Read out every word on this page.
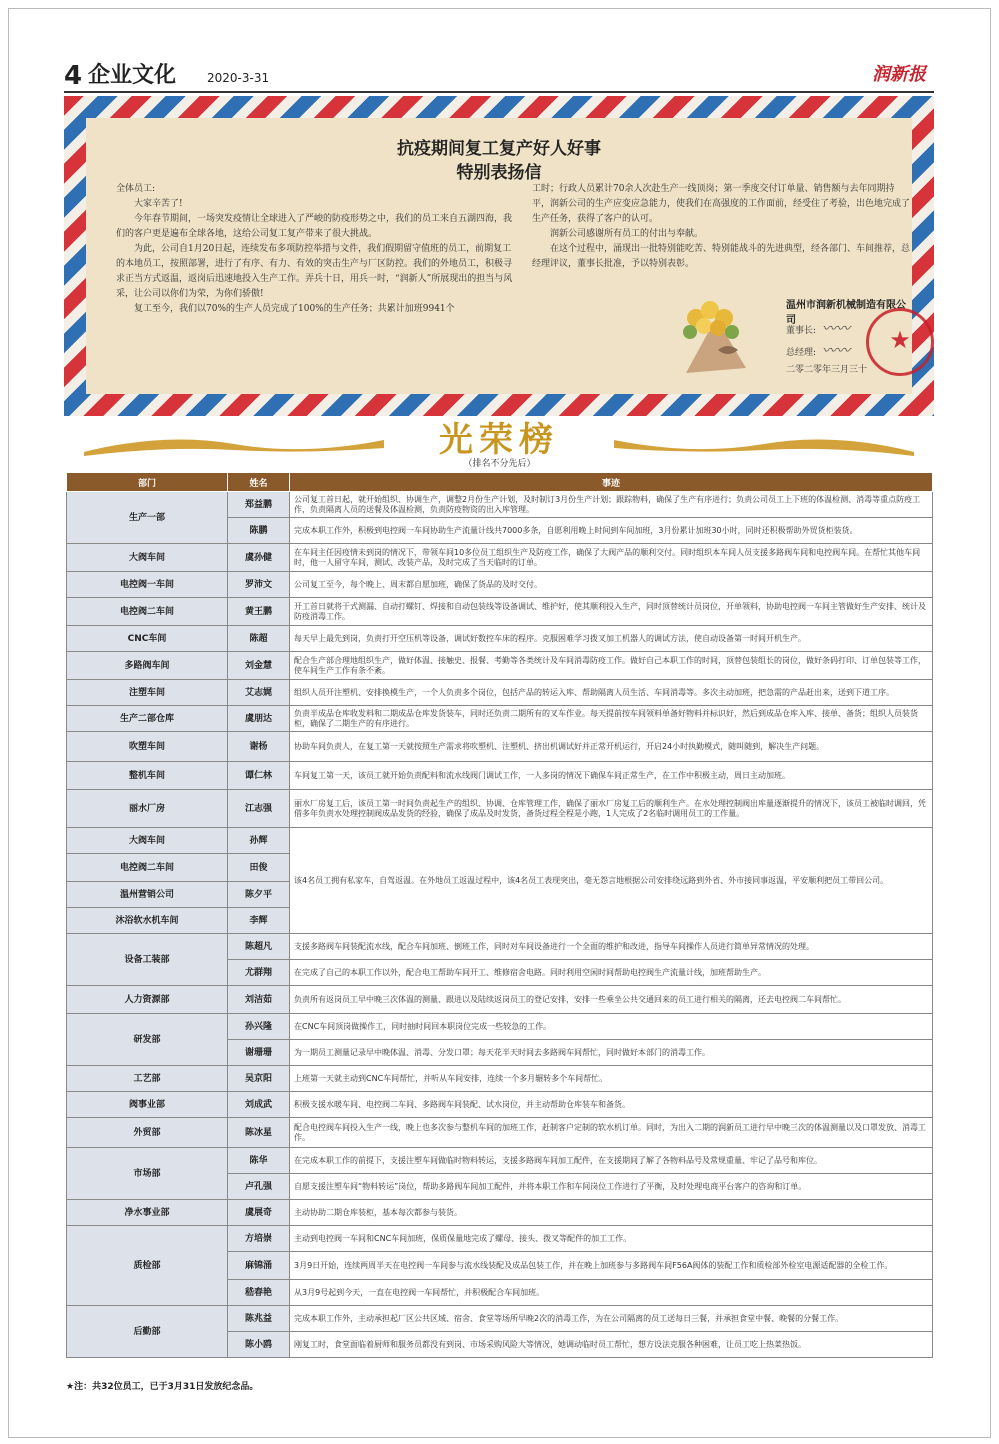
4 企业文化	2020-3-31	润新报
抗疫期间复工复产好人好事
特别表扬信

全体员工:

大家辛苦了!

今年春节期间，一场突发疫情让全球进入了严峻的防疫形势之中，我们的员工来自五湖四海，我们的客户更是遍布全球各地，这给公司复工复产带来了很大挑战。

为此，公司自1月20日起，连续发布多项防控举措与文件，我们假期留守值班的员工，前期复工的本地员工，按照部署，进行了有序、有力、有效的突击生产与厂区防控。我们的外地员工，积极寻求正当方式返温，返岗后迅速地投入生产工作。弄兵十日，用兵一时，“润新人”所展现出的担当与风采，让公司以你们为荣，为你们骄傲!

复工至今，我们以70%的生产人员完成了100%的生产任务；共累计加班9941个

工时；行政人员累计70余人次赴生产一线顶岗；第一季度交付订单量、销售额与去年同期持平，润新公司的生产应变应急能力，使我们在高强度的工作面前，经受住了考验，出色地完成了生产任务，获得了客户的认可。

润新公司感谢所有员工的付出与奉献。

在这个过程中，涌现出一批特别能吃苦、特别能战斗的先进典型，经各部门、车间推荐，总经理评议，董事长批准，予以特别表彰。

温州市润新机械制造有限公司
董事长: 〰〰
总经理: 〰〰
二零二零年三月三十
★
光荣榜
（排名不分先后）
部门	姓名	事迹
生产一部	郑益鹏	公司复工首日起，就开始组织、协调生产，调整2月份生产计划，及时制订3月份生产计划；跟踪物料，确保了生产有序进行；负责公司员工上下班的体温检测、消毒等重点防疫工作，负责隔离人员的送餐及体温检测，负责防疫物资的出入库管理。
	陈鹏	完成本职工作外，积极到电控阀一车间协助生产流量计线共7000多条，自愿利用晚上时间到车间加班，3月份累计加班30小时，同时还积极帮助外贸货柜装货。
大阀车间	虞孙健	在车间主任因疫情未到岗的情况下，带领车间10多位员工组织生产及防疫工作，确保了大阀产品的顺利交付。同时组织本车间人员支援多路阀车间和电控阀车间。在帮忙其他车间时，他一人留守车间，测试、改装产品，及时完成了当天临时的订单。
电控阀一车间	罗沛文	公司复工至今，每个晚上、周末都自愿加班，确保了货品的及时交付。
电控阀二车间	黄王鹏	开工首日就将干式测漏、自动打螺钉、焊接和自动包装线等设备调试、维护好，使其顺利投入生产，同时顶替统计员岗位，开单领料，协助电控阀一车间主管做好生产安排、统计及防疫消毒工作。
CNC车间	陈超	每天早上最先到岗，负责打开空压机等设备，调试好数控车床的程序。克服困难学习拨叉加工机器人的调试方法，使自动设备第一时间开机生产。
多路阀车间	刘金慧	配合生产部合理地组织生产，做好体温、接触史、报餐、考勤等各类统计及车间消毒防疫工作。做好自己本职工作的时间，顶替包装组长的岗位，做好条码打印、订单包装等工作，使车间生产工作有条不紊。
注塑车间	艾志娓	组织人员开注塑机、安排换模生产，一个人负责多个岗位，包括产品的转运入库、帮助隔离人员生活、车间消毒等。多次主动加班，把急需的产品赶出来，送到下道工序。
生产二部仓库	虞朋达	负责半成品仓库收发料和二期成品仓库发货装车，同时还负责二期所有的叉车作业。每天提前按车间领料单备好物料并标识好，然后到成品仓库入库、接单、备货；组织人员装货柜，确保了二期生产的有序进行。
吹塑车间	谢杨	协助车间负责人，在复工第一天就按照生产需求将吹塑机、注塑机、挤出机调试好并正常开机运行，开启24小时执勤模式，随叫随到，解决生产问题。
整机车间	谭仁林	车间复工第一天，该员工就开始负责配料和流水线阀门调试工作，一人多岗的情况下确保车间正常生产，在工作中积极主动，周日主动加班。
丽水厂房	江志强	丽水厂房复工后，该员工第一时间负责起生产的组织、协调、仓库管理工作，确保了丽水厂房复工后的顺利生产。在水处理控制阀出库量逐渐提升的情况下，该员工被临时调回，凭借多年负责水处理控制阀成品发货的经验，确保了成品及时发货，备货过程全程是小跑，1人完成了2名临时调用员工的工作量。
大阀车间	孙辉	该4名员工拥有私家车，自驾返温。在外地员工返温过程中，该4名员工表现突出，毫无怨言地根据公司安排绕远路到外省、外市接同事返温，平安顺利把员工带回公司。
电控阀二车间	田俊	
温州营销公司	陈夕平	
沐浴软水机车间	李辉	
设备工装部	陈超凡	支援多路阀车间装配流水线，配合车间加班、倒班工作，同时对车间设备进行一个全面的维护和改进，指导车间操作人员进行简单异常情况的处理。
	尤群翔	在完成了自己的本职工作以外，配合电工帮助车间开工、维修宿舍电路。同时利用空闲时间帮助电控阀生产流量计线，加班帮助生产。
人力资源部	刘洁茹	负责所有返岗员工早中晚三次体温的测量、跟进以及陆续返岗员工的登记安排，安排一些乘坐公共交通回来的员工进行相关的隔离，还去电控阀二车间帮忙。
研发部	孙兴隆	在CNC车间顶岗做操作工，同时抽时间回本职岗位完成一些较急的工作。
	谢珊珊	为一期员工测量记录早中晚体温、消毒、分发口罩；每天花半天时间去多路阀车间帮忙，同时做好本部门的消毒工作。
工艺部	吴京阳	上班第一天就主动到CNC车间帮忙，并听从车间安排，连续一个多月辗转多个车间帮忙。
阀事业部	刘成武	积极支援水暖车间、电控阀二车间、多路阀车间装配、试水岗位，并主动帮助仓库装车和备货。
外贸部	陈冰星	配合电控阀车间投入生产一线，晚上也多次参与整机车间的加班工作，赶制客户定制的软水机订单。同时，为出入二期的润新员工进行早中晚三次的体温测量以及口罩发放、消毒工作。
市场部	陈华	在完成本职工作的前提下，支援注塑车间做临时物料转运，支援多路阀车间加工配件，在支援期间了解了各物料品号及常规重量、牢记了品号和库位。
	卢孔强	自愿支援注塑车间“物料转运”岗位，帮助多路阀车间加工配件，并将本职工作和车间岗位工作进行了平衡，及时处理电商平台客户的咨询和订单。
净水事业部	虞展奇	主动协助二期仓库装柜，基本每次都参与装货。
质检部	方培崇	主动到电控阀一车间和CNC车间加班，保质保量地完成了螺母、接头、拨叉等配件的加工工作。
	麻锦涌	3月9日开始，连续两周半天在电控阀一车间参与流水线装配及成品包装工作，并在晚上加班参与多路阀车间F56A阀体的装配工作和质检部外检室电源适配器的全检工作。
	嵇春艳	从3月9号起到今天，一直在电控阀一车间帮忙，并积极配合车间加班。
后勤部	陈兆益	完成本职工作外，主动承担起厂区公共区域、宿舍、食堂等场所早晚2次的消毒工作，为在公司隔离的员工送每日三餐，并承担食堂中餐、晚餐的分餐工作。
	陈小鸥	刚复工时，食堂面临着厨师和服务员都没有到岗、市场采购风险大等情况，她调动临时员工帮忙，想方设法克服各种困难，让员工吃上热菜热饭。
★注：共32位员工，已于3月31日发放纪念品。
